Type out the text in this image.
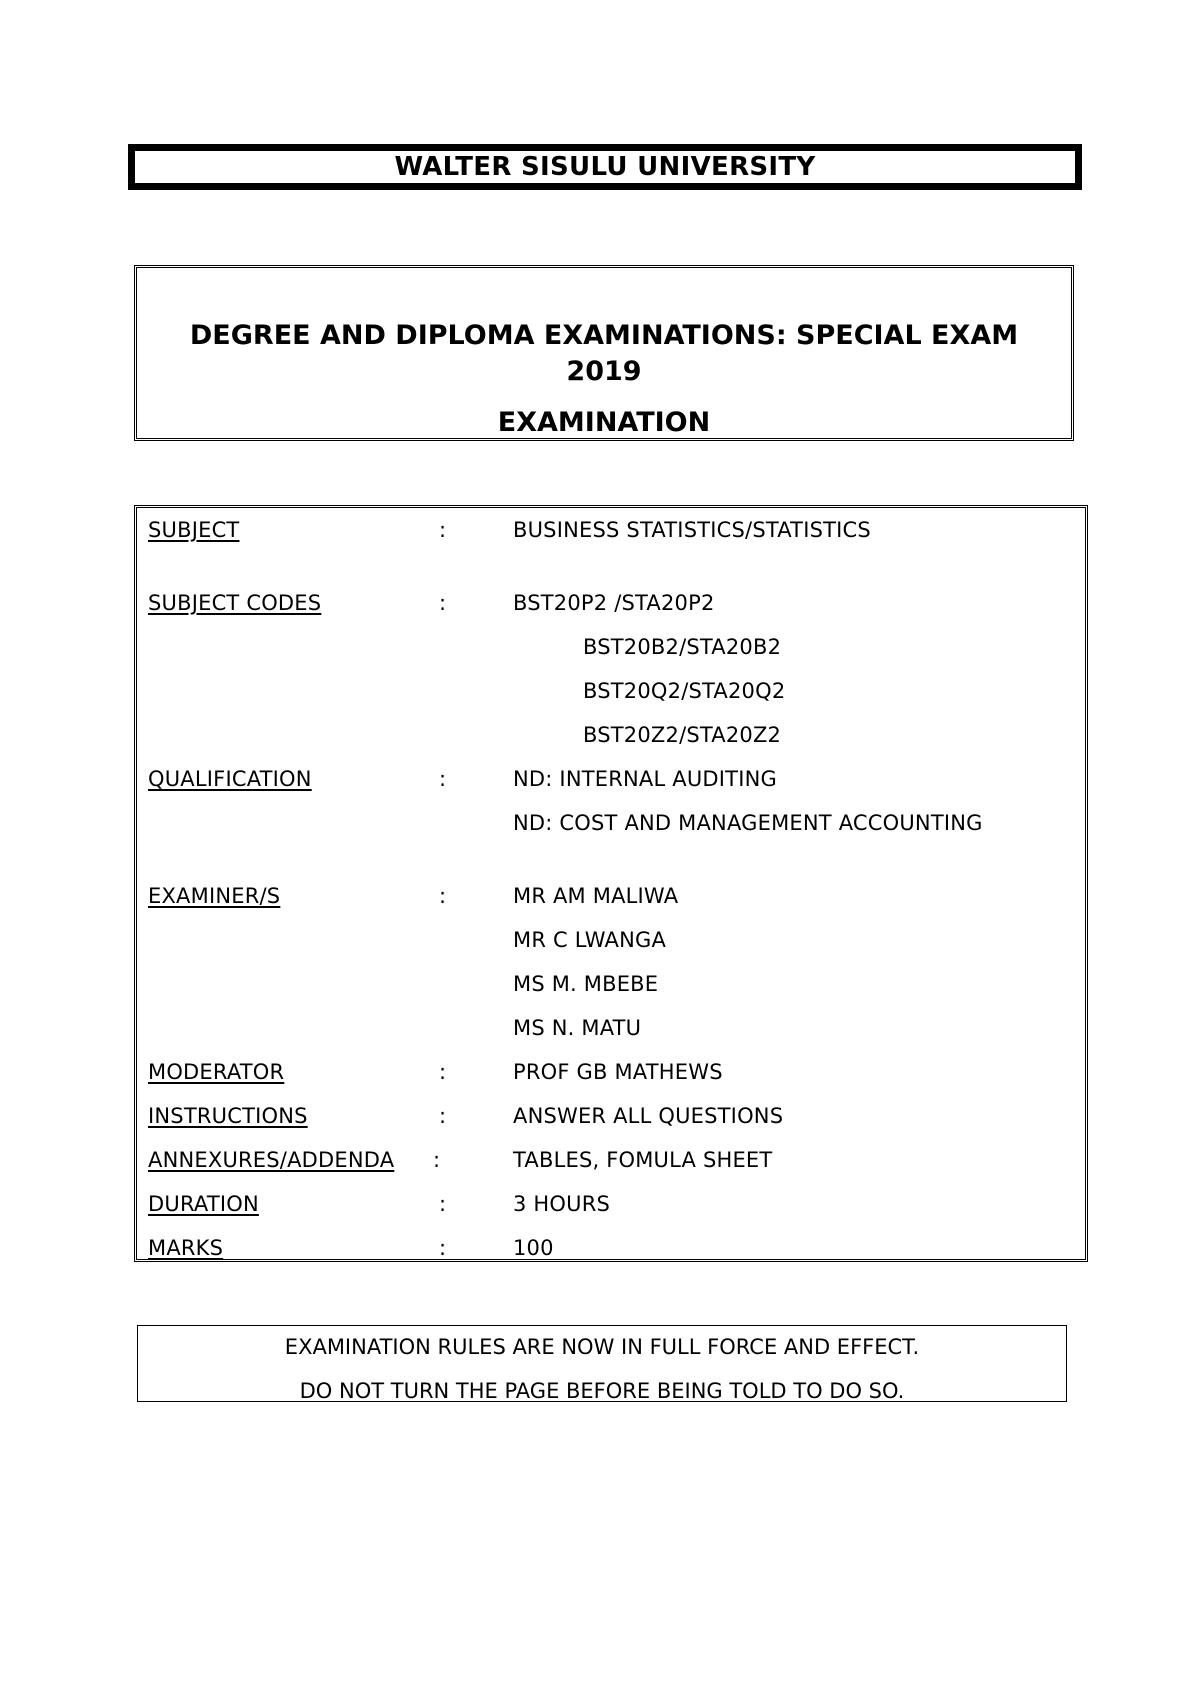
WALTER SISULU UNIVERSITY
DEGREE AND DIPLOMA EXAMINATIONS: SPECIAL EXAM
2019
EXAMINATION
SUBJECT	:	BUSINESS STATISTICS/STATISTICS
SUBJECT CODES	:	BST20P2 /STA20P2
BST20B2/STA20B2
BST20Q2/STA20Q2
BST20Z2/STA20Z2
QUALIFICATION	:	ND: INTERNAL AUDITING
ND: COST AND MANAGEMENT ACCOUNTING
EXAMINER/S	:	MR AM MALIWA
MR C LWANGA
MS M. MBEBE
MS N. MATU
MODERATOR	:	PROF GB MATHEWS
INSTRUCTIONS	:	ANSWER ALL QUESTIONS
ANNEXURES/ADDENDA :	TABLES, FOMULA SHEET
DURATION	:	3 HOURS
MARKS	:	100
EXAMINATION RULES ARE NOW IN FULL FORCE AND EFFECT.
DO NOT TURN THE PAGE BEFORE BEING TOLD TO DO SO.
